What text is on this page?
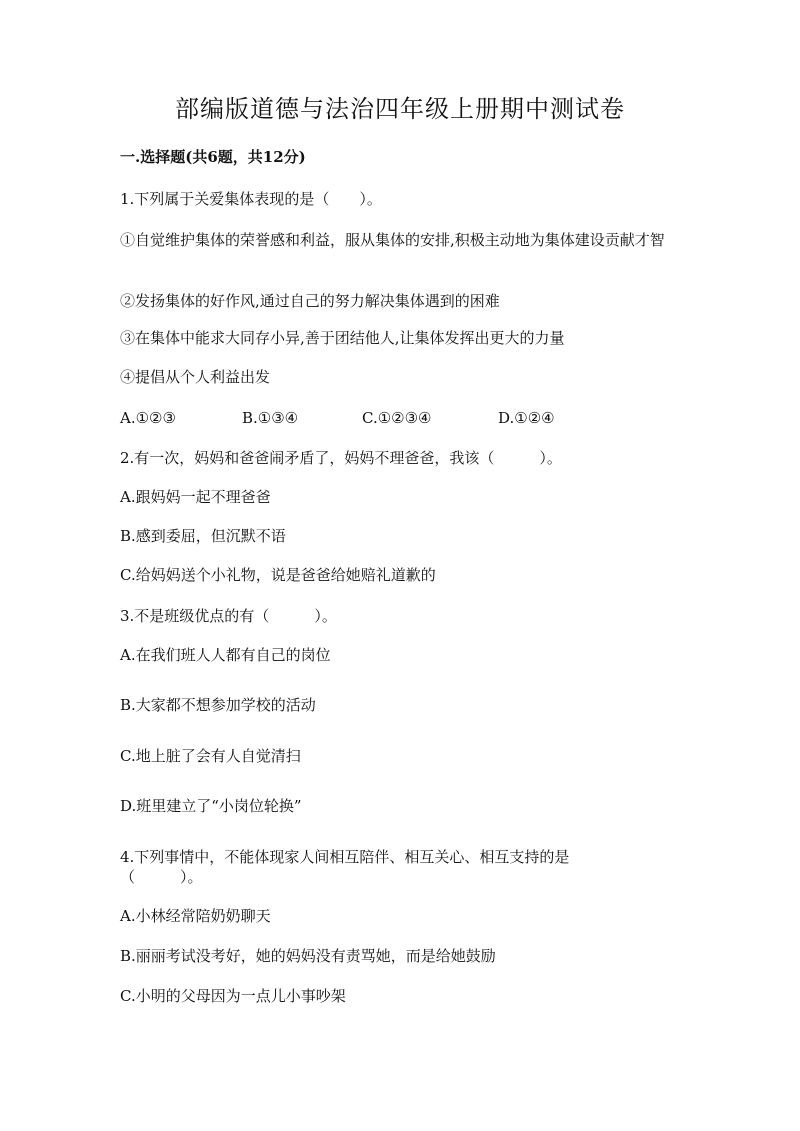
部编版道德与法治四年级上册期中测试卷
一.选择题(共6题，共12分)
1.下列属于关爱集体表现的是（　　）。
①自觉维护集体的荣誉感和利益，服从集体的安排,积极主动地为集体建设贡献才智
②发扬集体的好作风,通过自己的努力解决集体遇到的困难
③在集体中能求大同存小异,善于团结他人,让集体发挥出更大的力量
④提倡从个人利益出发
A.①②③	B.①③④	C.①②③④	D.①②④
2.有一次，妈妈和爸爸闹矛盾了，妈妈不理爸爸，我该（　　　）。
A.跟妈妈一起不理爸爸
B.感到委屈，但沉默不语
C.给妈妈送个小礼物，说是爸爸给她赔礼道歉的
3.不是班级优点的有（　　　）。
A.在我们班人人都有自己的岗位
B.大家都不想参加学校的活动
C.地上脏了会有人自觉清扫
D.班里建立了“小岗位轮换”
4.下列事情中，不能体现家人间相互陪伴、相互关心、相互支持的是
（　　　）。
A.小林经常陪奶奶聊天
B.丽丽考试没考好，她的妈妈没有责骂她，而是给她鼓励
C.小明的父母因为一点儿小事吵架
